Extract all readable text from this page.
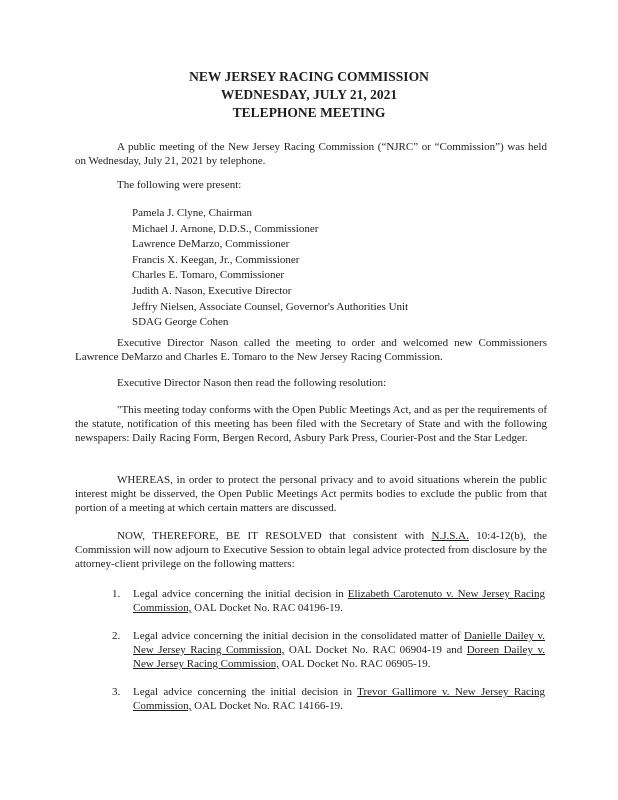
NEW JERSEY RACING COMMISSION
WEDNESDAY, JULY 21, 2021
TELEPHONE MEETING
A public meeting of the New Jersey Racing Commission (“NJRC” or “Commission”) was held on Wednesday, July 21, 2021 by telephone.
The following were present:
Pamela J. Clyne, Chairman
Michael J. Arnone, D.D.S., Commissioner
Lawrence DeMarzo, Commissioner
Francis X. Keegan, Jr., Commissioner
Charles E. Tomaro, Commissioner
Judith A. Nason, Executive Director
Jeffry Nielsen, Associate Counsel, Governor's Authorities Unit
SDAG George Cohen
Executive Director Nason called the meeting to order and welcomed new Commissioners Lawrence DeMarzo and Charles E. Tomaro to the New Jersey Racing Commission.
Executive Director Nason then read the following resolution:
"This meeting today conforms with the Open Public Meetings Act, and as per the requirements of the statute, notification of this meeting has been filed with the Secretary of State and with the following newspapers: Daily Racing Form, Bergen Record, Asbury Park Press, Courier-Post and the Star Ledger.
WHEREAS, in order to protect the personal privacy and to avoid situations wherein the public interest might be disserved, the Open Public Meetings Act permits bodies to exclude the public from that portion of a meeting at which certain matters are discussed.
NOW, THEREFORE, BE IT RESOLVED that consistent with N.J.S.A. 10:4-12(b), the Commission will now adjourn to Executive Session to obtain legal advice protected from disclosure by the attorney-client privilege on the following matters:
1. Legal advice concerning the initial decision in Elizabeth Carotenuto v. New Jersey Racing Commission, OAL Docket No. RAC 04196-19.
2. Legal advice concerning the initial decision in the consolidated matter of Danielle Dailey v. New Jersey Racing Commission, OAL Docket No. RAC 06904-19 and Doreen Dailey v. New Jersey Racing Commission, OAL Docket No. RAC 06905-19.
3. Legal advice concerning the initial decision in Trevor Gallimore v. New Jersey Racing Commission, OAL Docket No. RAC 14166-19.
